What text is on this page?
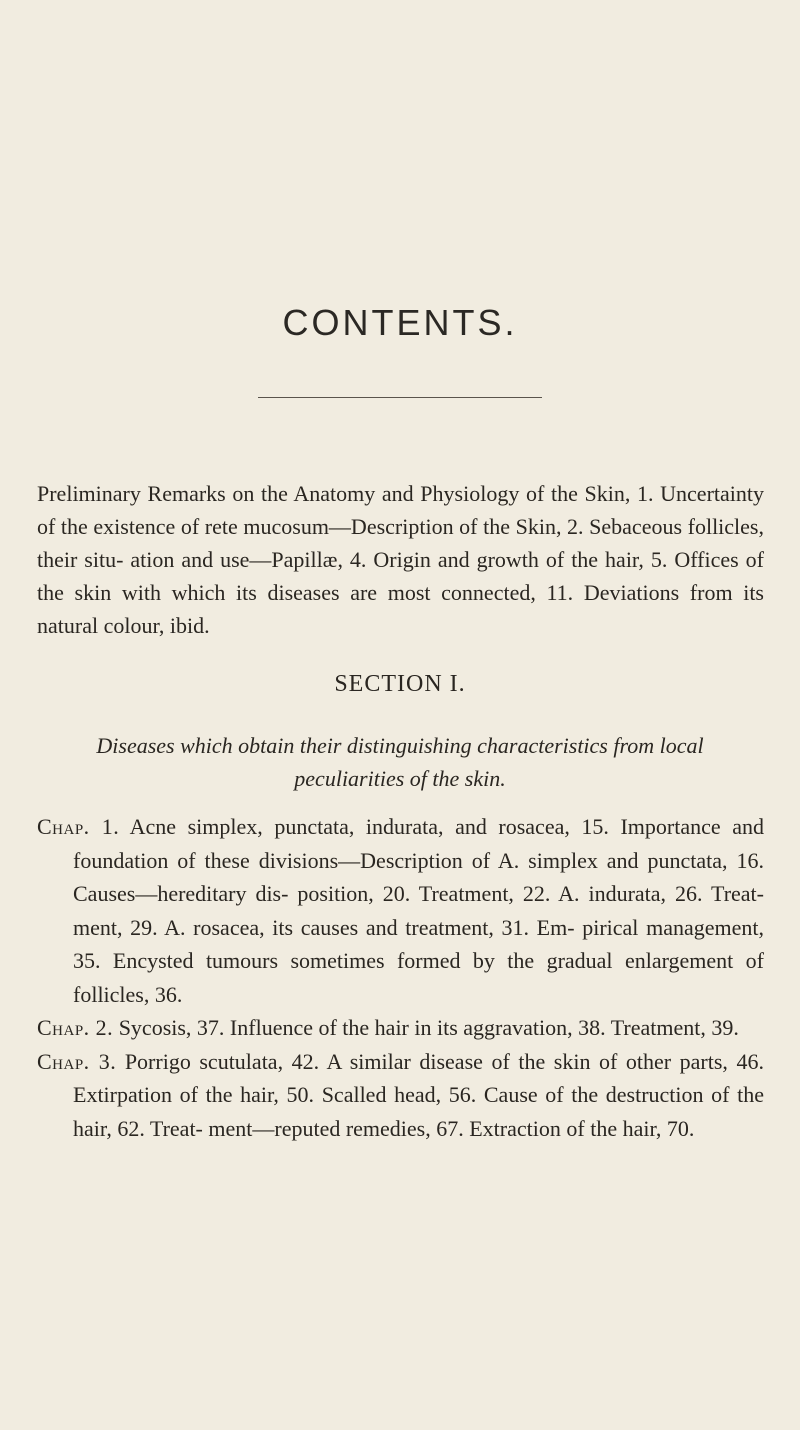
CONTENTS.

Preliminary Remarks on the Anatomy and Physiology of the Skin, 1. Uncertainty of the existence of rete mucosum—Description of the Skin, 2. Sebaceous follicles, their situ- ation and use—Papillæ, 4. Origin and growth of the hair, 5. Offices of the skin with which its diseases are most connected, 11. Deviations from its natural colour, ibid.

SECTION I.
Diseases which obtain their distinguishing characteristics from local peculiarities of the skin.

Chap. 1. Acne simplex, punctata, indurata, and rosacea, 15. Importance and foundation of these divisions—Description of A. simplex and punctata, 16. Causes—hereditary dis- position, 20. Treatment, 22. A. indurata, 26. Treat- ment, 29. A. rosacea, its causes and treatment, 31. Em- pirical management, 35. Encysted tumours sometimes formed by the gradual enlargement of follicles, 36.

Chap. 2. Sycosis, 37. Influence of the hair in its aggravation, 38. Treatment, 39.

Chap. 3. Porrigo scutulata, 42. A similar disease of the skin of other parts, 46. Extirpation of the hair, 50. Scalled head, 56. Cause of the destruction of the hair, 62. Treat- ment—reputed remedies, 67. Extraction of the hair, 70.
